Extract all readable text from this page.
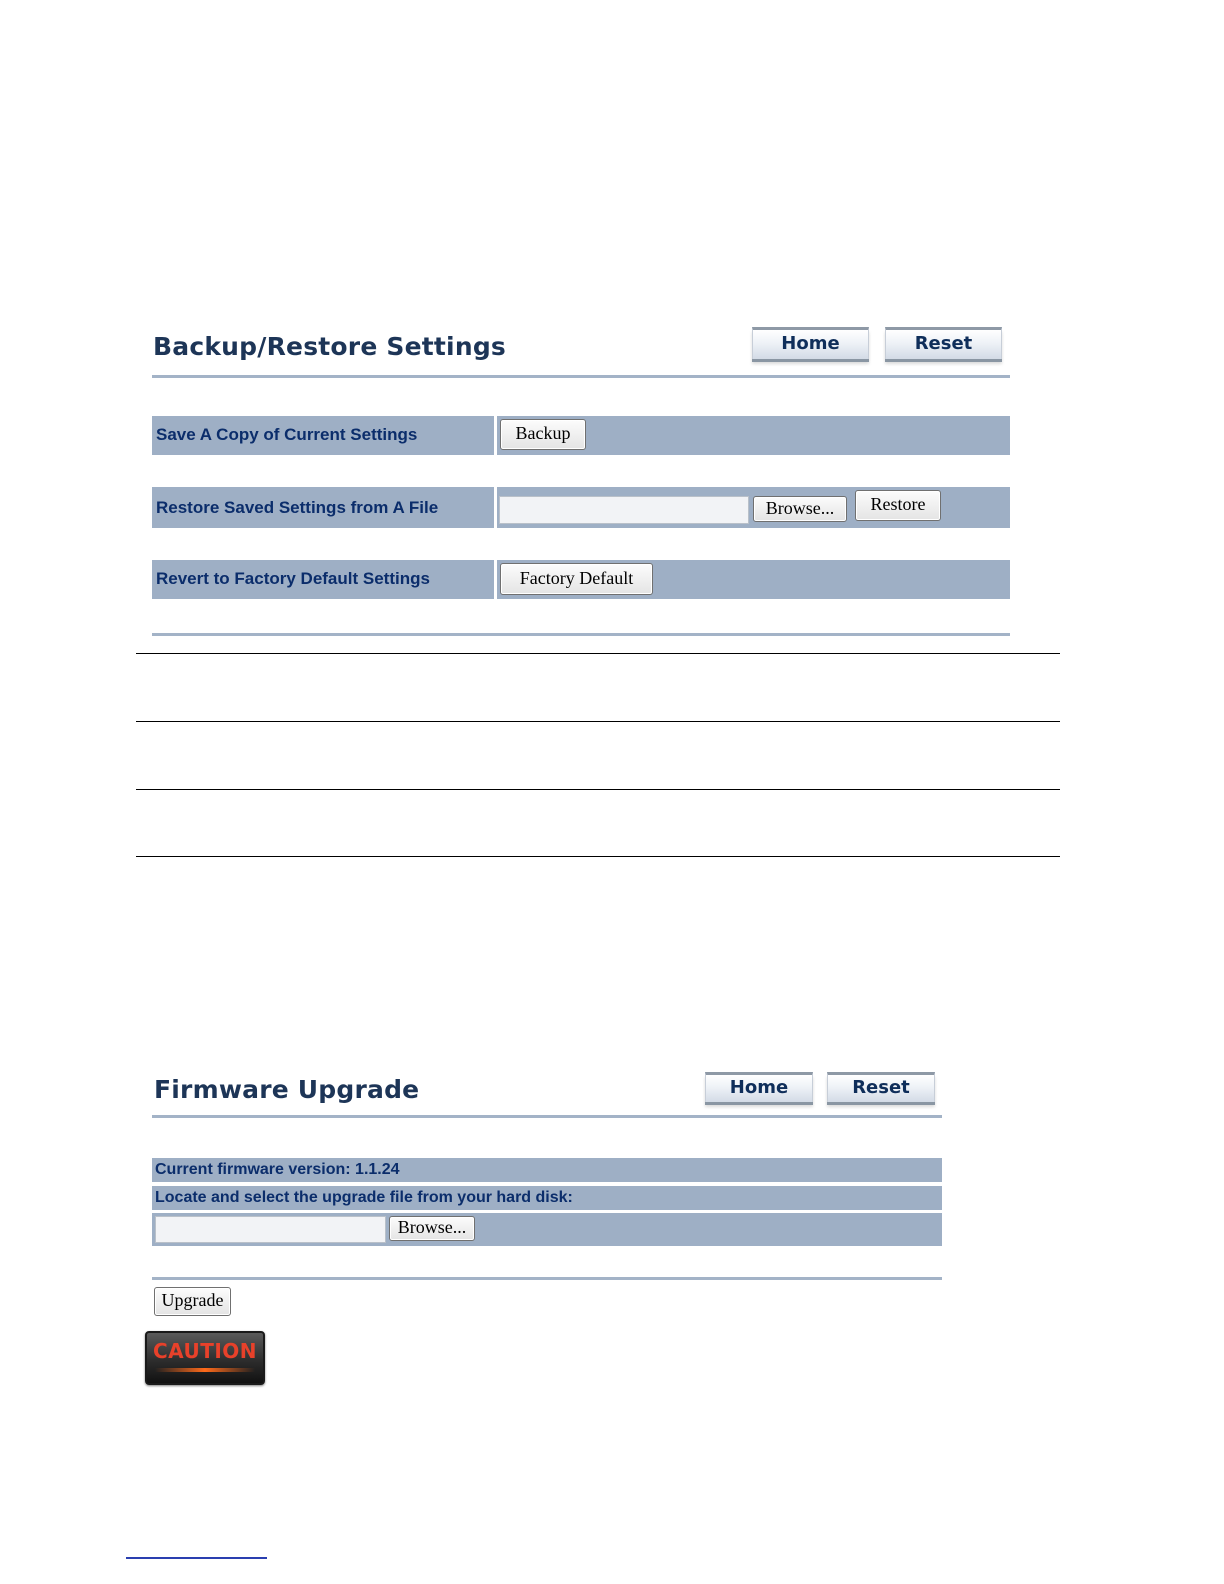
Backup/Restore Settings	Home	Reset
Save A Copy of Current Settings	Backup
Restore Saved Settings from A File	Browse...	Restore
Revert to Factory Default Settings	Factory Default
Firmware Upgrade	Home	Reset
Current firmware version: 1.1.24
Locate and select the upgrade file from your hard disk:
Browse...
Upgrade
CAUTION
